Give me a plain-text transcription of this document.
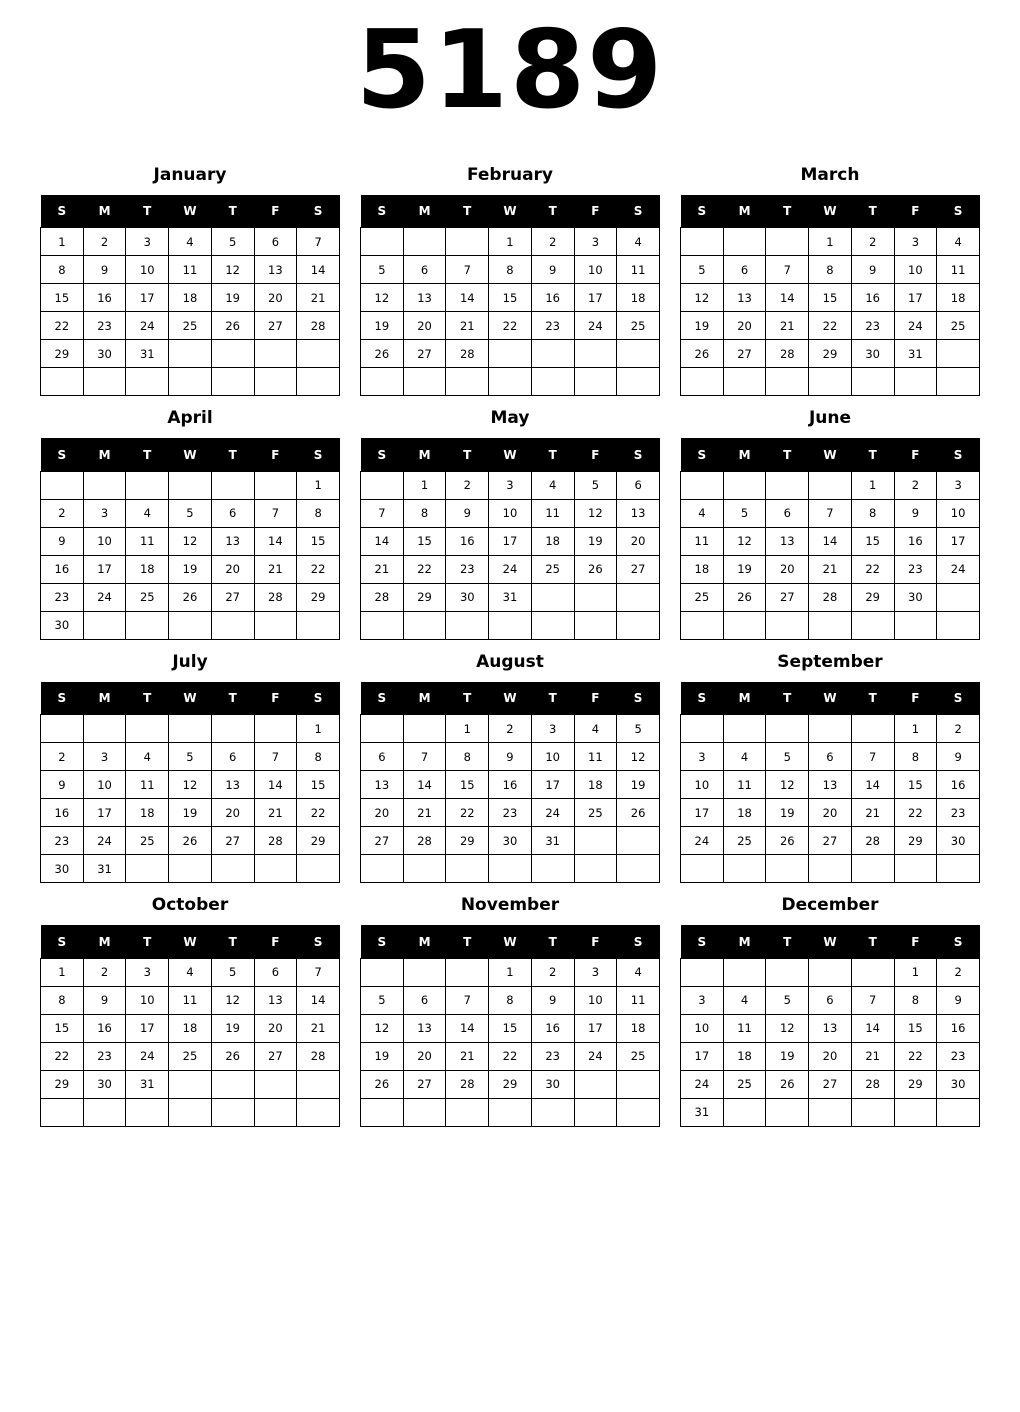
5189
January
S	M	T	W	T	F	S
1	2	3	4	5	6	7
8	9	10	11	12	13	14
15	16	17	18	19	20	21
22	23	24	25	26	27	28
29	30	31				

February
S	M	T	W	T	F	S
			1	2	3	4
5	6	7	8	9	10	11
12	13	14	15	16	17	18
19	20	21	22	23	24	25
26	27	28				

March
S	M	T	W	T	F	S
			1	2	3	4
5	6	7	8	9	10	11
12	13	14	15	16	17	18
19	20	21	22	23	24	25
26	27	28	29	30	31	

April
S	M	T	W	T	F	S
						1
2	3	4	5	6	7	8
9	10	11	12	13	14	15
16	17	18	19	20	21	22
23	24	25	26	27	28	29
30						
May
S	M	T	W	T	F	S
	1	2	3	4	5	6
7	8	9	10	11	12	13
14	15	16	17	18	19	20
21	22	23	24	25	26	27
28	29	30	31			

June
S	M	T	W	T	F	S
				1	2	3
4	5	6	7	8	9	10
11	12	13	14	15	16	17
18	19	20	21	22	23	24
25	26	27	28	29	30	

July
S	M	T	W	T	F	S
						1
2	3	4	5	6	7	8
9	10	11	12	13	14	15
16	17	18	19	20	21	22
23	24	25	26	27	28	29
30	31					
August
S	M	T	W	T	F	S
		1	2	3	4	5
6	7	8	9	10	11	12
13	14	15	16	17	18	19
20	21	22	23	24	25	26
27	28	29	30	31		

September
S	M	T	W	T	F	S
					1	2
3	4	5	6	7	8	9
10	11	12	13	14	15	16
17	18	19	20	21	22	23
24	25	26	27	28	29	30

October
S	M	T	W	T	F	S
1	2	3	4	5	6	7
8	9	10	11	12	13	14
15	16	17	18	19	20	21
22	23	24	25	26	27	28
29	30	31				

November
S	M	T	W	T	F	S
			1	2	3	4
5	6	7	8	9	10	11
12	13	14	15	16	17	18
19	20	21	22	23	24	25
26	27	28	29	30		

December
S	M	T	W	T	F	S
					1	2
3	4	5	6	7	8	9
10	11	12	13	14	15	16
17	18	19	20	21	22	23
24	25	26	27	28	29	30
31						
